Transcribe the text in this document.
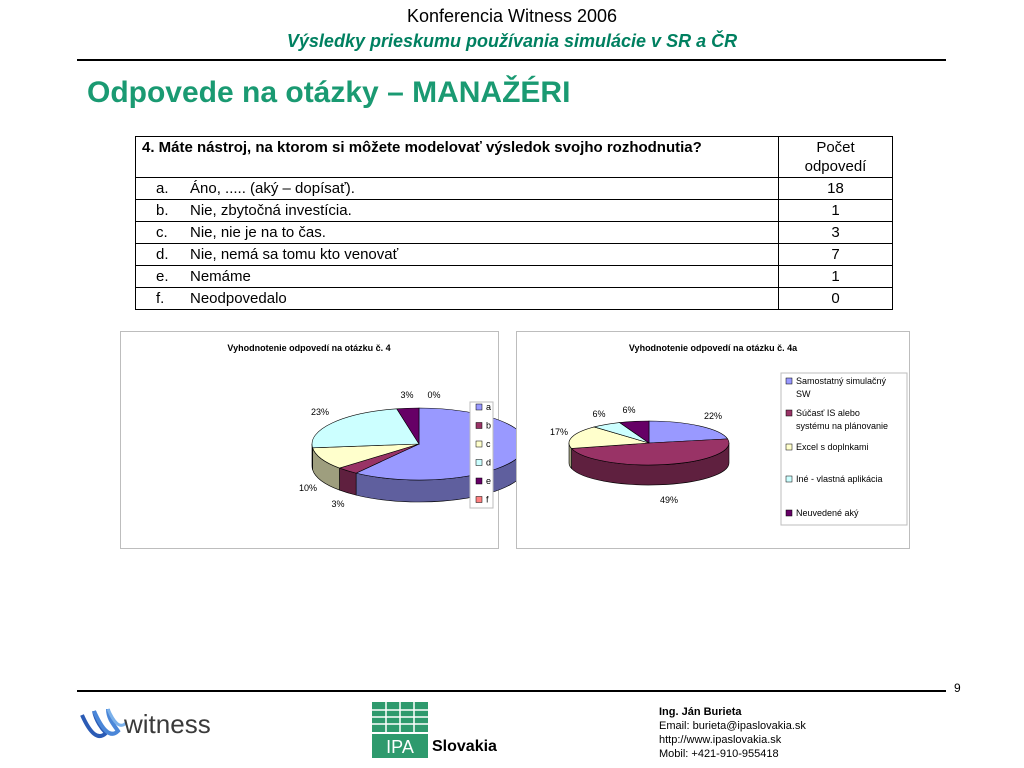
Konferencia Witness 2006
Výsledky prieskumu používania simulácie v SR a ČR
Odpovede na otázky – MANAŽÉRI
4. Máte nástroj, na ktorom si môžete modelovať výsledok svojho rozhodnutia?	Počet odpovedí
a. Áno, ..... (aký – dopísať).	18
b. Nie, zbytočná investícia.	1
c. Nie, nie je na to čas.	3
d. Nie, nemá sa tomu kto venovať	7
e. Nemáme	1
f. Neodpovedalo	0
Vyhodnotenie odpovedí na otázku č. 4
3%
10%
23%
3% 0%
a
b
c
d
e
f
Vyhodnotenie odpovedí na otázku č. 4a
22%
49%
17%
6% 6%
Samostatný simulačný
SW
Súčasť IS alebo
systému na plánovanie
Excel s doplnkami
Iné - vlastná aplikácia
Neuvedené aký
9
witness
IPA Slovakia
Ing. Ján Burieta
Email: burieta@ipaslovakia.sk
http://www.ipaslovakia.sk
Mobil: +421-910-955418
